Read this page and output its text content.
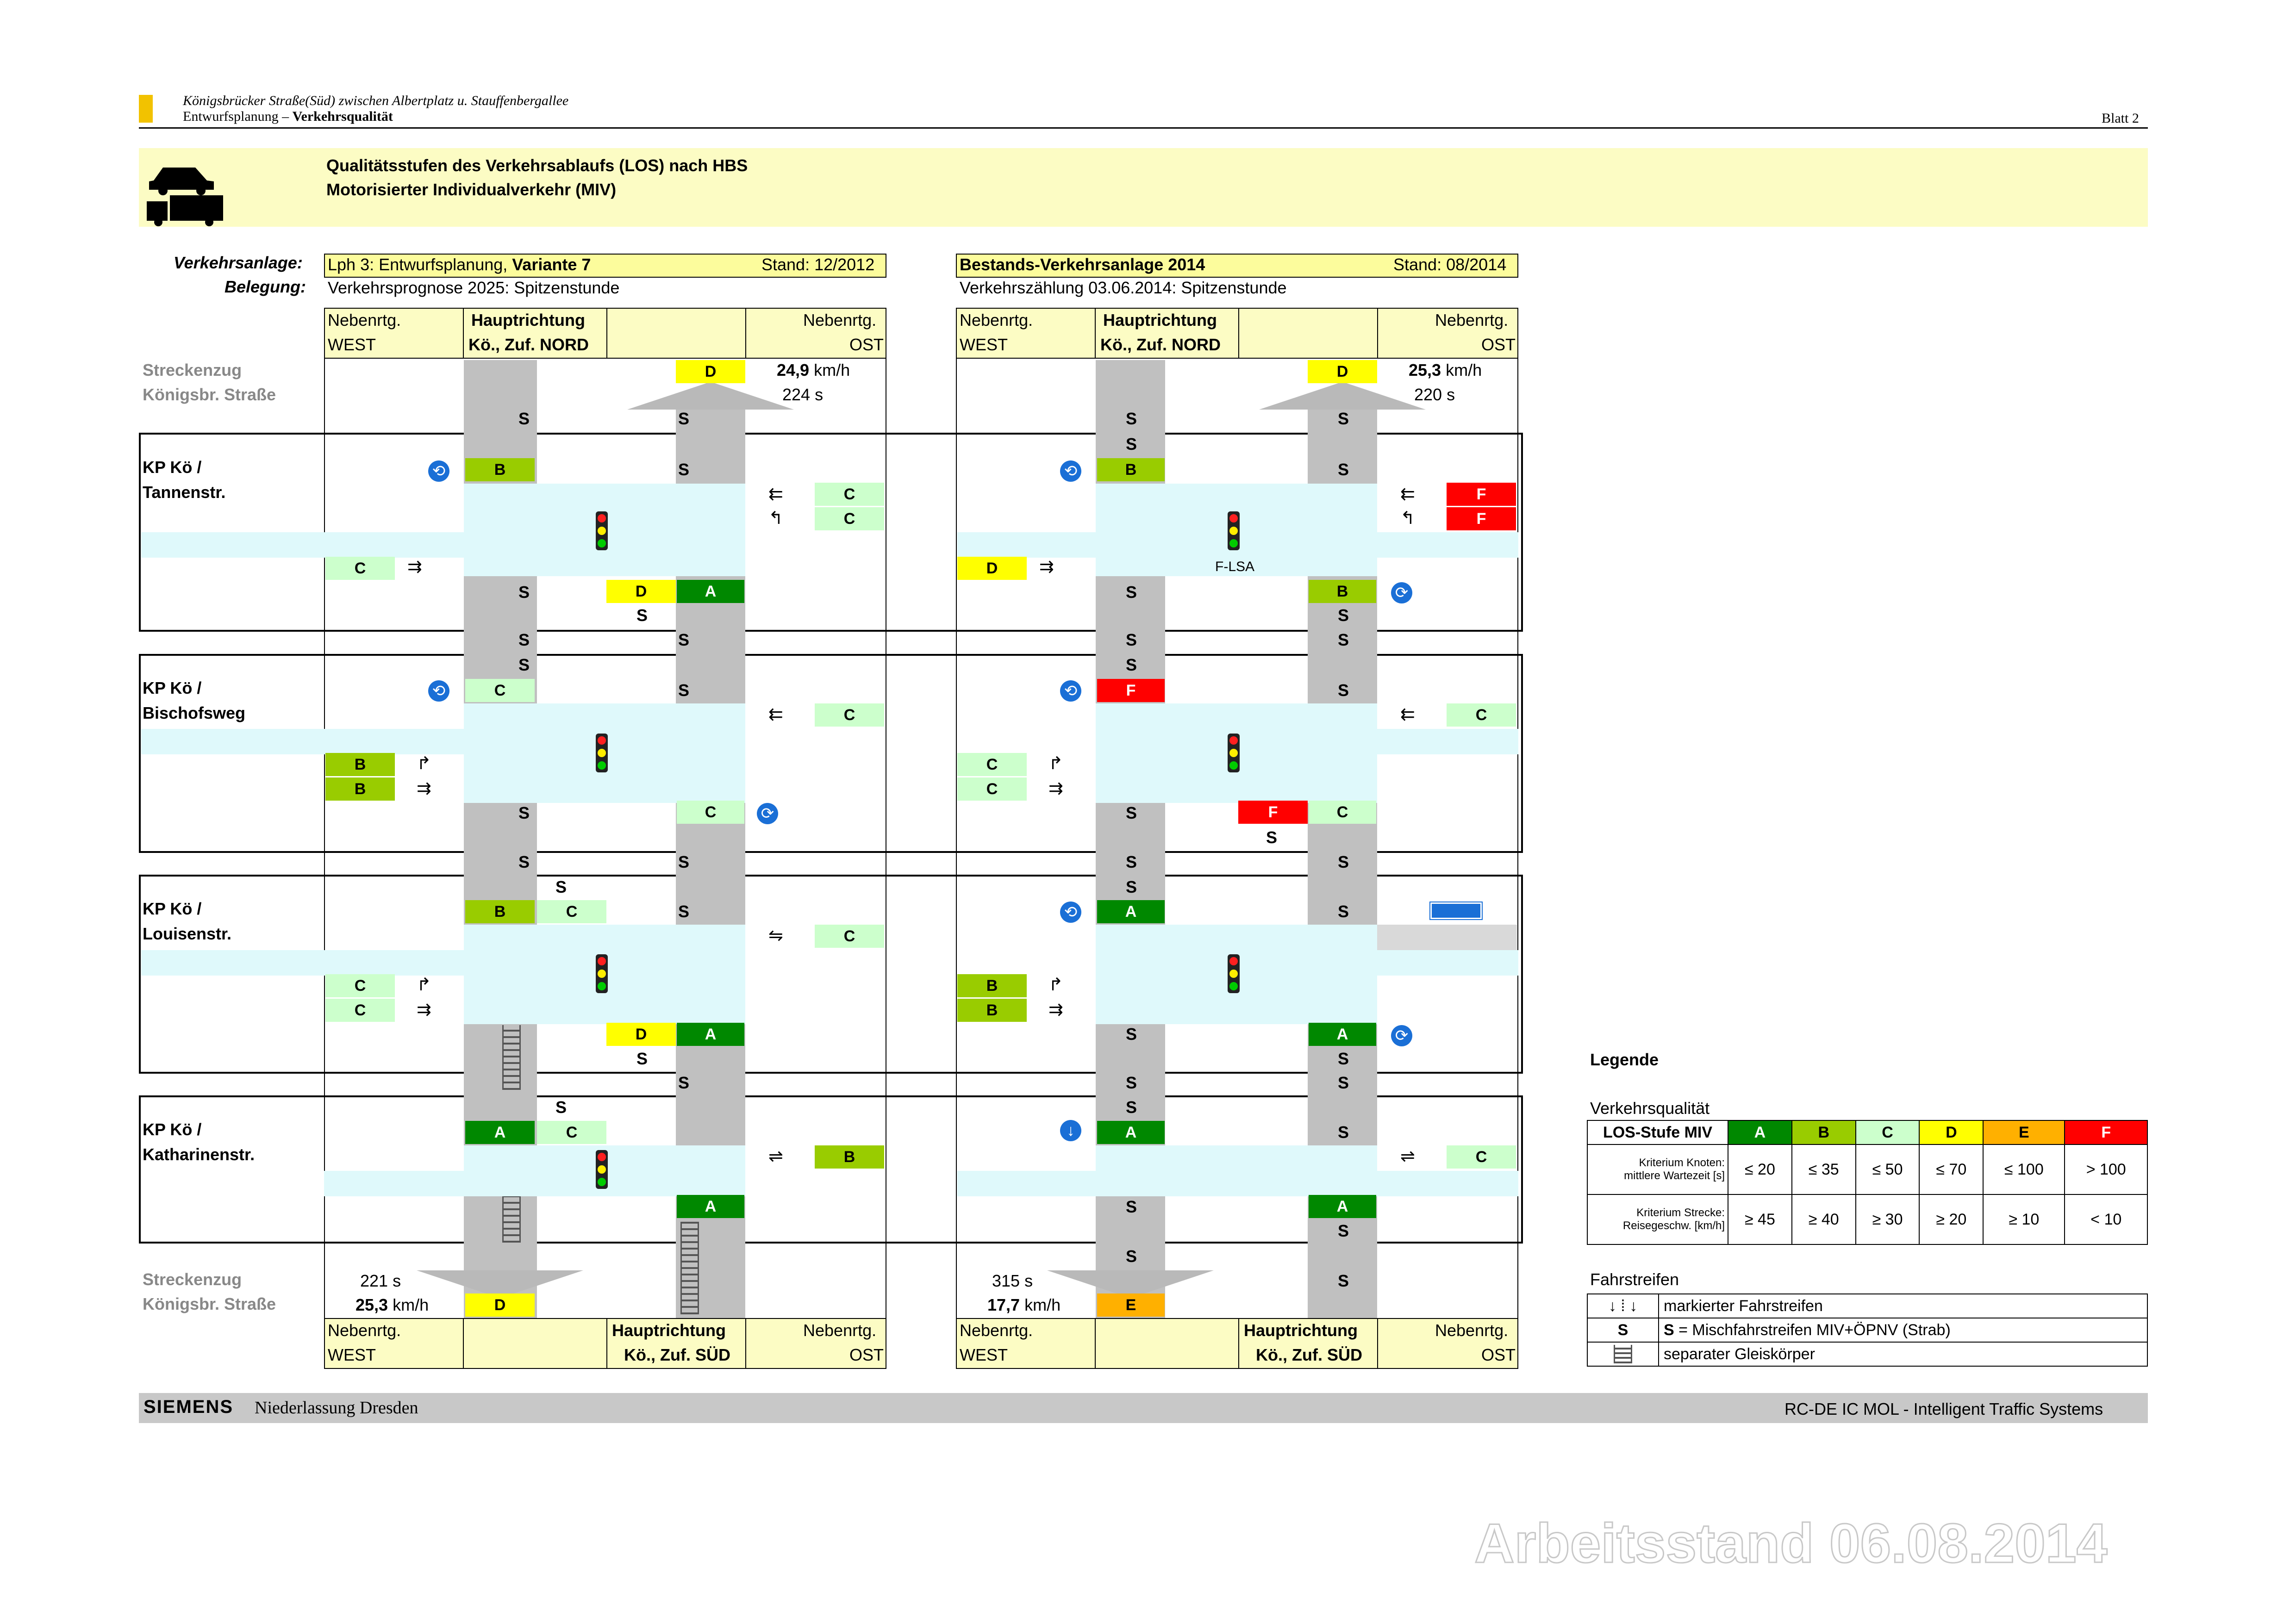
Königsbrücker Straße(Süd) zwischen Albertplatz u. Stauffenbergallee
Entwurfsplanung – Verkehrsqualität	Blatt 2
Qualitätsstufen des Verkehrsablaufs (LOS) nach HBS
Motorisierter Individualverkehr (MIV)
Verkehrsanlage:
Belegung:
Streckenzug
Königsbr. Straße
Streckenzug
Königsbr. Straße
KP Kö /
Tannenstr.
KP Kö /
Bischofsweg
KP Kö /
Louisenstr.
KP Kö /
Katharinenstr.
Lph 3: Entwurfsplanung, Variante 7	Stand: 12/2012
Verkehrsprognose 2025: Spitzenstunde
Nebenrtg.
WEST
Hauptrichtung
Kö., Zuf. NORD
Nebenrtg.
OST
D	24,9 km/h
224 s
⟲	B
C
C
⇇
↰
C	⇉
D	A
⟲	C
C
⇇
B
B
↱
⇉
C	⟳
B	C
C
⇋
C
C
↱
⇉
D	A
A	C
B
⇌
A
S	S
S
S
S
S	S
S
S
S
S	S
S
S
S
S
S
221 s
25,3 km/h	D
Nebenrtg.
WEST
Hauptrichtung
Kö., Zuf. SÜD
Nebenrtg.
OST
Bestands-Verkehrsanlage 2014	Stand: 08/2014
Verkehrszählung 03.06.2014: Spitzenstunde
Nebenrtg.
WEST
Hauptrichtung
Kö., Zuf. NORD
Nebenrtg.
OST
D	25,3 km/h
220 s
F-LSA
⟲	B
F
F
⇇
↰
D	⇉
B	⟳
⟲	F
C
⇇
C
C
↱
⇉
F	C
⟲	A
B
B
↱
⇉
A	⟳
↓	A
C
⇌
A
S
S
S
S
S
S
S	S
S
S
S
S
S	S
S
S
S
S
S	S
S
S
S
S
S
S
315 s
17,7 km/h	E
Nebenrtg.
WEST
Hauptrichtung
Kö., Zuf. SÜD
Nebenrtg.
OST
Legende
Verkehrsqualität
LOS-Stufe MIV	A	B	C	D	E	F

Kriterium Knoten:
mittlere Wartezeit [s]	≤ 20	≤ 35	≤ 50	≤ 70	≤ 100	> 100

Kriterium Strecke:
Reisegeschw. [km/h]	≥ 45	≥ 40	≥ 30	≥ 20	≥ 10	< 10
Fahrstreifen
↓ ⁞ ↓	markierter Fahrstreifen
S	S = Mischfahrstreifen MIV+ÖPNV (Strab)

	separater Gleiskörper
SIEMENS Niederlassung Dresden	RC-DE IC MOL - Intelligent Traffic Systems
Arbeitsstand 06.08.2014
